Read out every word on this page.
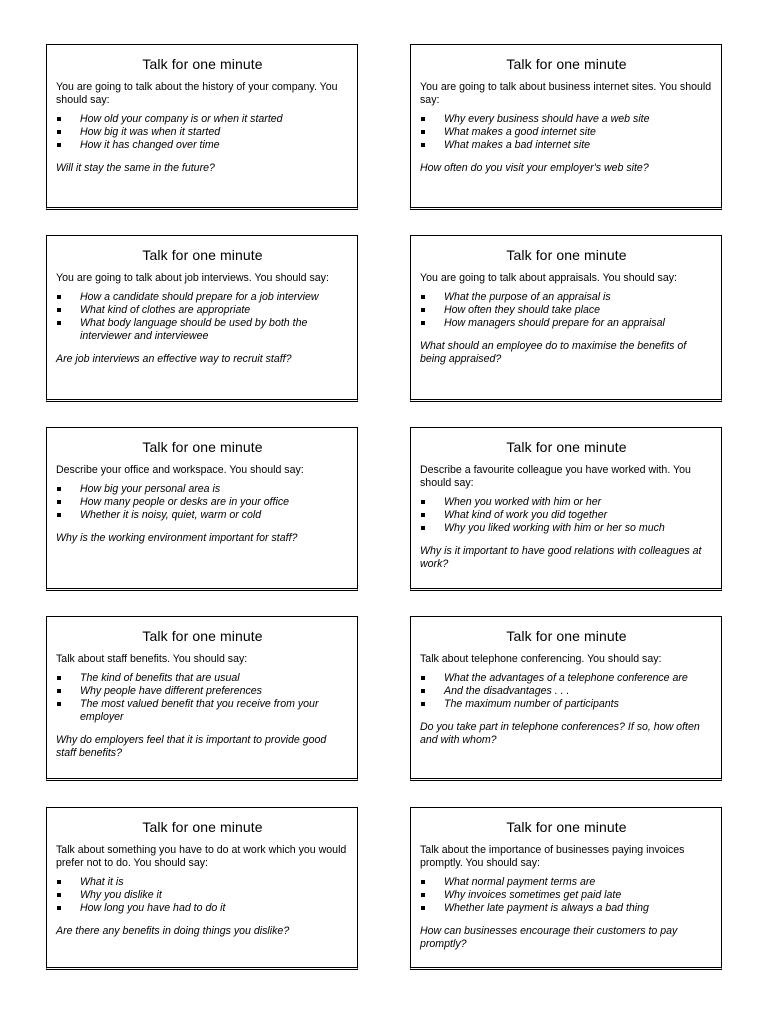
Talk for one minute
You are going to talk about the history of your company. You should say:
How old your company is or when it started
How big it was when it started
How it has changed over time
Will it stay the same in the future?
Talk for one minute
You are going to talk about business internet sites. You should say:
Why every business should have a web site
What makes a good internet site
What makes a bad internet site
How often do you visit your employer's web site?
Talk for one minute
You are going to talk about job interviews. You should say:
How a candidate should prepare for a job interview
What kind of clothes are appropriate
What body language should be used by both the interviewer and interviewee
Are job interviews an effective way to recruit staff?
Talk for one minute
You are going to talk about appraisals. You should say:
What the purpose of an appraisal is
How often they should take place
How managers should prepare for an appraisal
What should an employee do to maximise the benefits of being appraised?
Talk for one minute
Describe your office and workspace. You should say:
How big your personal area is
How many people or desks are in your office
Whether it is noisy, quiet, warm or cold
Why is the working environment important for staff?
Talk for one minute
Describe a favourite colleague you have worked with. You should say:
When you worked with him or her
What kind of work you did together
Why you liked working with him or her so much
Why is it important to have good relations with colleagues at work?
Talk for one minute
Talk about staff benefits. You should say:
The kind of benefits that are usual
Why people have different preferences
The most valued benefit that you receive from your employer
Why do employers feel that it is important to provide good staff benefits?
Talk for one minute
Talk about telephone conferencing. You should say:
What the advantages of a telephone conference are
And the disadvantages . . .
The maximum number of participants
Do you take part in telephone conferences? If so, how often and with whom?
Talk for one minute
Talk about something you have to do at work which you would prefer not to do. You should say:
What it is
Why you dislike it
How long you have had to do it
Are there any benefits in doing things you dislike?
Talk for one minute
Talk about the importance of businesses paying invoices promptly. You should say:
What normal payment terms are
Why invoices sometimes get paid late
Whether late payment is always a bad thing
How can businesses encourage their customers to pay promptly?
